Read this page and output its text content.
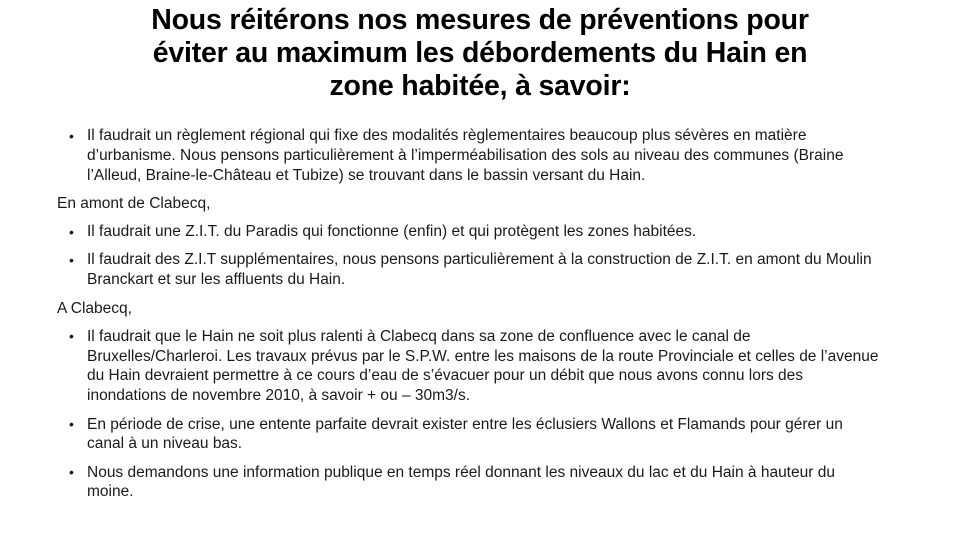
Nous réitérons nos mesures de préventions pour
éviter au maximum les débordements du Hain en
zone habitée, à savoir:
• Il faudrait un règlement régional qui fixe des modalités règlementaires beaucoup plus sévères en matière d’urbanisme. Nous pensons particulièrement à l’imperméabilisation des sols au niveau des communes (Braine l’Alleud, Braine-le-Château et Tubize) se trouvant dans le bassin versant du Hain.
En amont de Clabecq,
• Il faudrait une Z.I.T. du Paradis qui fonctionne (enfin) et qui protègent les zones habitées.
• Il faudrait des Z.I.T supplémentaires, nous pensons particulièrement à la construction de Z.I.T. en amont du Moulin Branckart et sur les affluents du Hain.
A Clabecq,
• Il faudrait que le Hain ne soit plus ralenti à Clabecq dans sa zone de confluence avec le canal de Bruxelles/Charleroi. Les travaux prévus par le S.P.W. entre les maisons de la route Provinciale et celles de l’avenue du Hain devraient permettre à ce cours d’eau de s’évacuer pour un débit que nous avons connu lors des inondations de novembre 2010, à savoir + ou – 30m3/s.
• En période de crise, une entente parfaite devrait exister entre les éclusiers Wallons et Flamands pour gérer un canal à un niveau bas.
• Nous demandons une information publique en temps réel donnant les niveaux du lac et du Hain à hauteur du moine.
